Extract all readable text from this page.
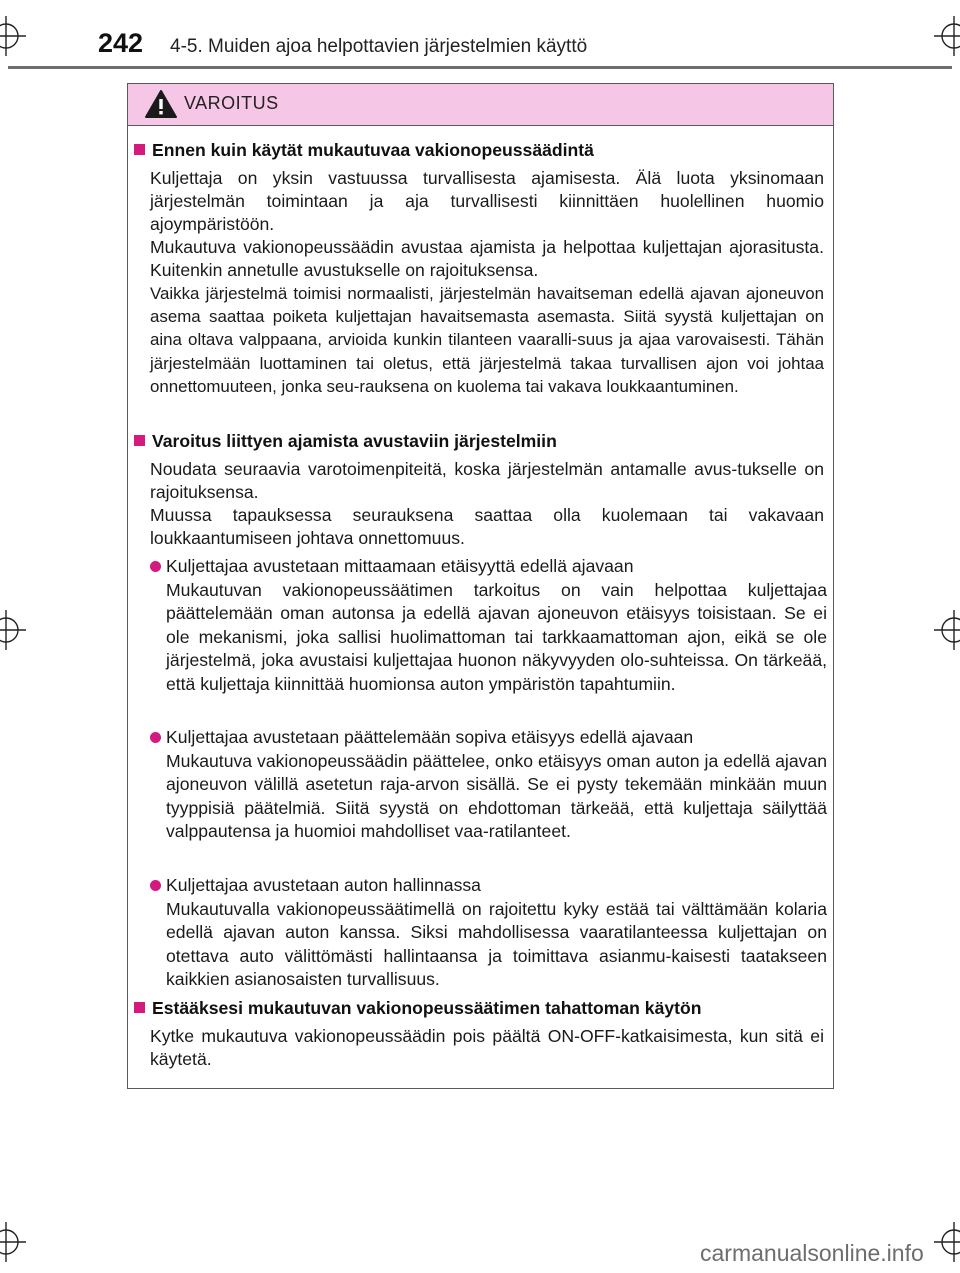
242 4-5. Muiden ajoa helpottavien järjestelmien käyttö
VAROITUS
Ennen kuin käytät mukautuvaa vakionopeussäädintä
Kuljettaja on yksin vastuussa turvallisesta ajamisesta. Älä luota yksinomaan järjestelmän toimintaan ja aja turvallisesti kiinnittäen huolellinen huomio ajoympäristöön.
Mukautuva vakionopeussäädin avustaa ajamista ja helpottaa kuljettajan ajorasitusta. Kuitenkin annetulle avustukselle on rajoituksensa.
Vaikka järjestelmä toimisi normaalisti, järjestelmän havaitseman edellä ajavan ajoneuvon asema saattaa poiketa kuljettajan havaitsemasta asemasta. Siitä syystä kuljettajan on aina oltava valppaana, arvioida kunkin tilanteen vaaralli-suus ja ajaa varovaisesti. Tähän järjestelmään luottaminen tai oletus, että järjestelmä takaa turvallisen ajon voi johtaa onnettomuuteen, jonka seu-rauksena on kuolema tai vakava loukkaantuminen.
Varoitus liittyen ajamista avustaviin järjestelmiin
Noudata seuraavia varotoimenpiteitä, koska järjestelmän antamalle avus-tukselle on rajoituksensa.
Muussa tapauksessa seurauksena saattaa olla kuolemaan tai vakavaan loukkaantumiseen johtava onnettomuus.
Kuljettajaa avustetaan mittaamaan etäisyyttä edellä ajavaan
Mukautuvan vakionopeussäätimen tarkoitus on vain helpottaa kuljettajaa päättelemään oman autonsa ja edellä ajavan ajoneuvon etäisyys toisistaan. Se ei ole mekanismi, joka sallisi huolimattoman tai tarkkaamattoman ajon, eikä se ole järjestelmä, joka avustaisi kuljettajaa huonon näkyvyyden olo-suhteissa. On tärkeää, että kuljettaja kiinnittää huomionsa auton ympäristön tapahtumiin.
Kuljettajaa avustetaan päättelemään sopiva etäisyys edellä ajavaan
Mukautuva vakionopeussäädin päättelee, onko etäisyys oman auton ja edellä ajavan ajoneuvon välillä asetetun raja-arvon sisällä. Se ei pysty tekemään minkään muun tyyppisiä päätelmiä. Siitä syystä on ehdottoman tärkeää, että kuljettaja säilyttää valppautensa ja huomioi mahdolliset vaa-ratilanteet.
Kuljettajaa avustetaan auton hallinnassa
Mukautuvalla vakionopeussäätimellä on rajoitettu kyky estää tai välttämään kolaria edellä ajavan auton kanssa. Siksi mahdollisessa vaaratilanteessa kuljettajan on otettava auto välittömästi hallintaansa ja toimittava asianmu-kaisesti taatakseen kaikkien asianosaisten turvallisuus.
Estääksesi mukautuvan vakionopeussäätimen tahattoman käytön
Kytke mukautuva vakionopeussäädin pois päältä ON-OFF-katkaisimesta, kun sitä ei käytetä.
carmanualsonline.info
